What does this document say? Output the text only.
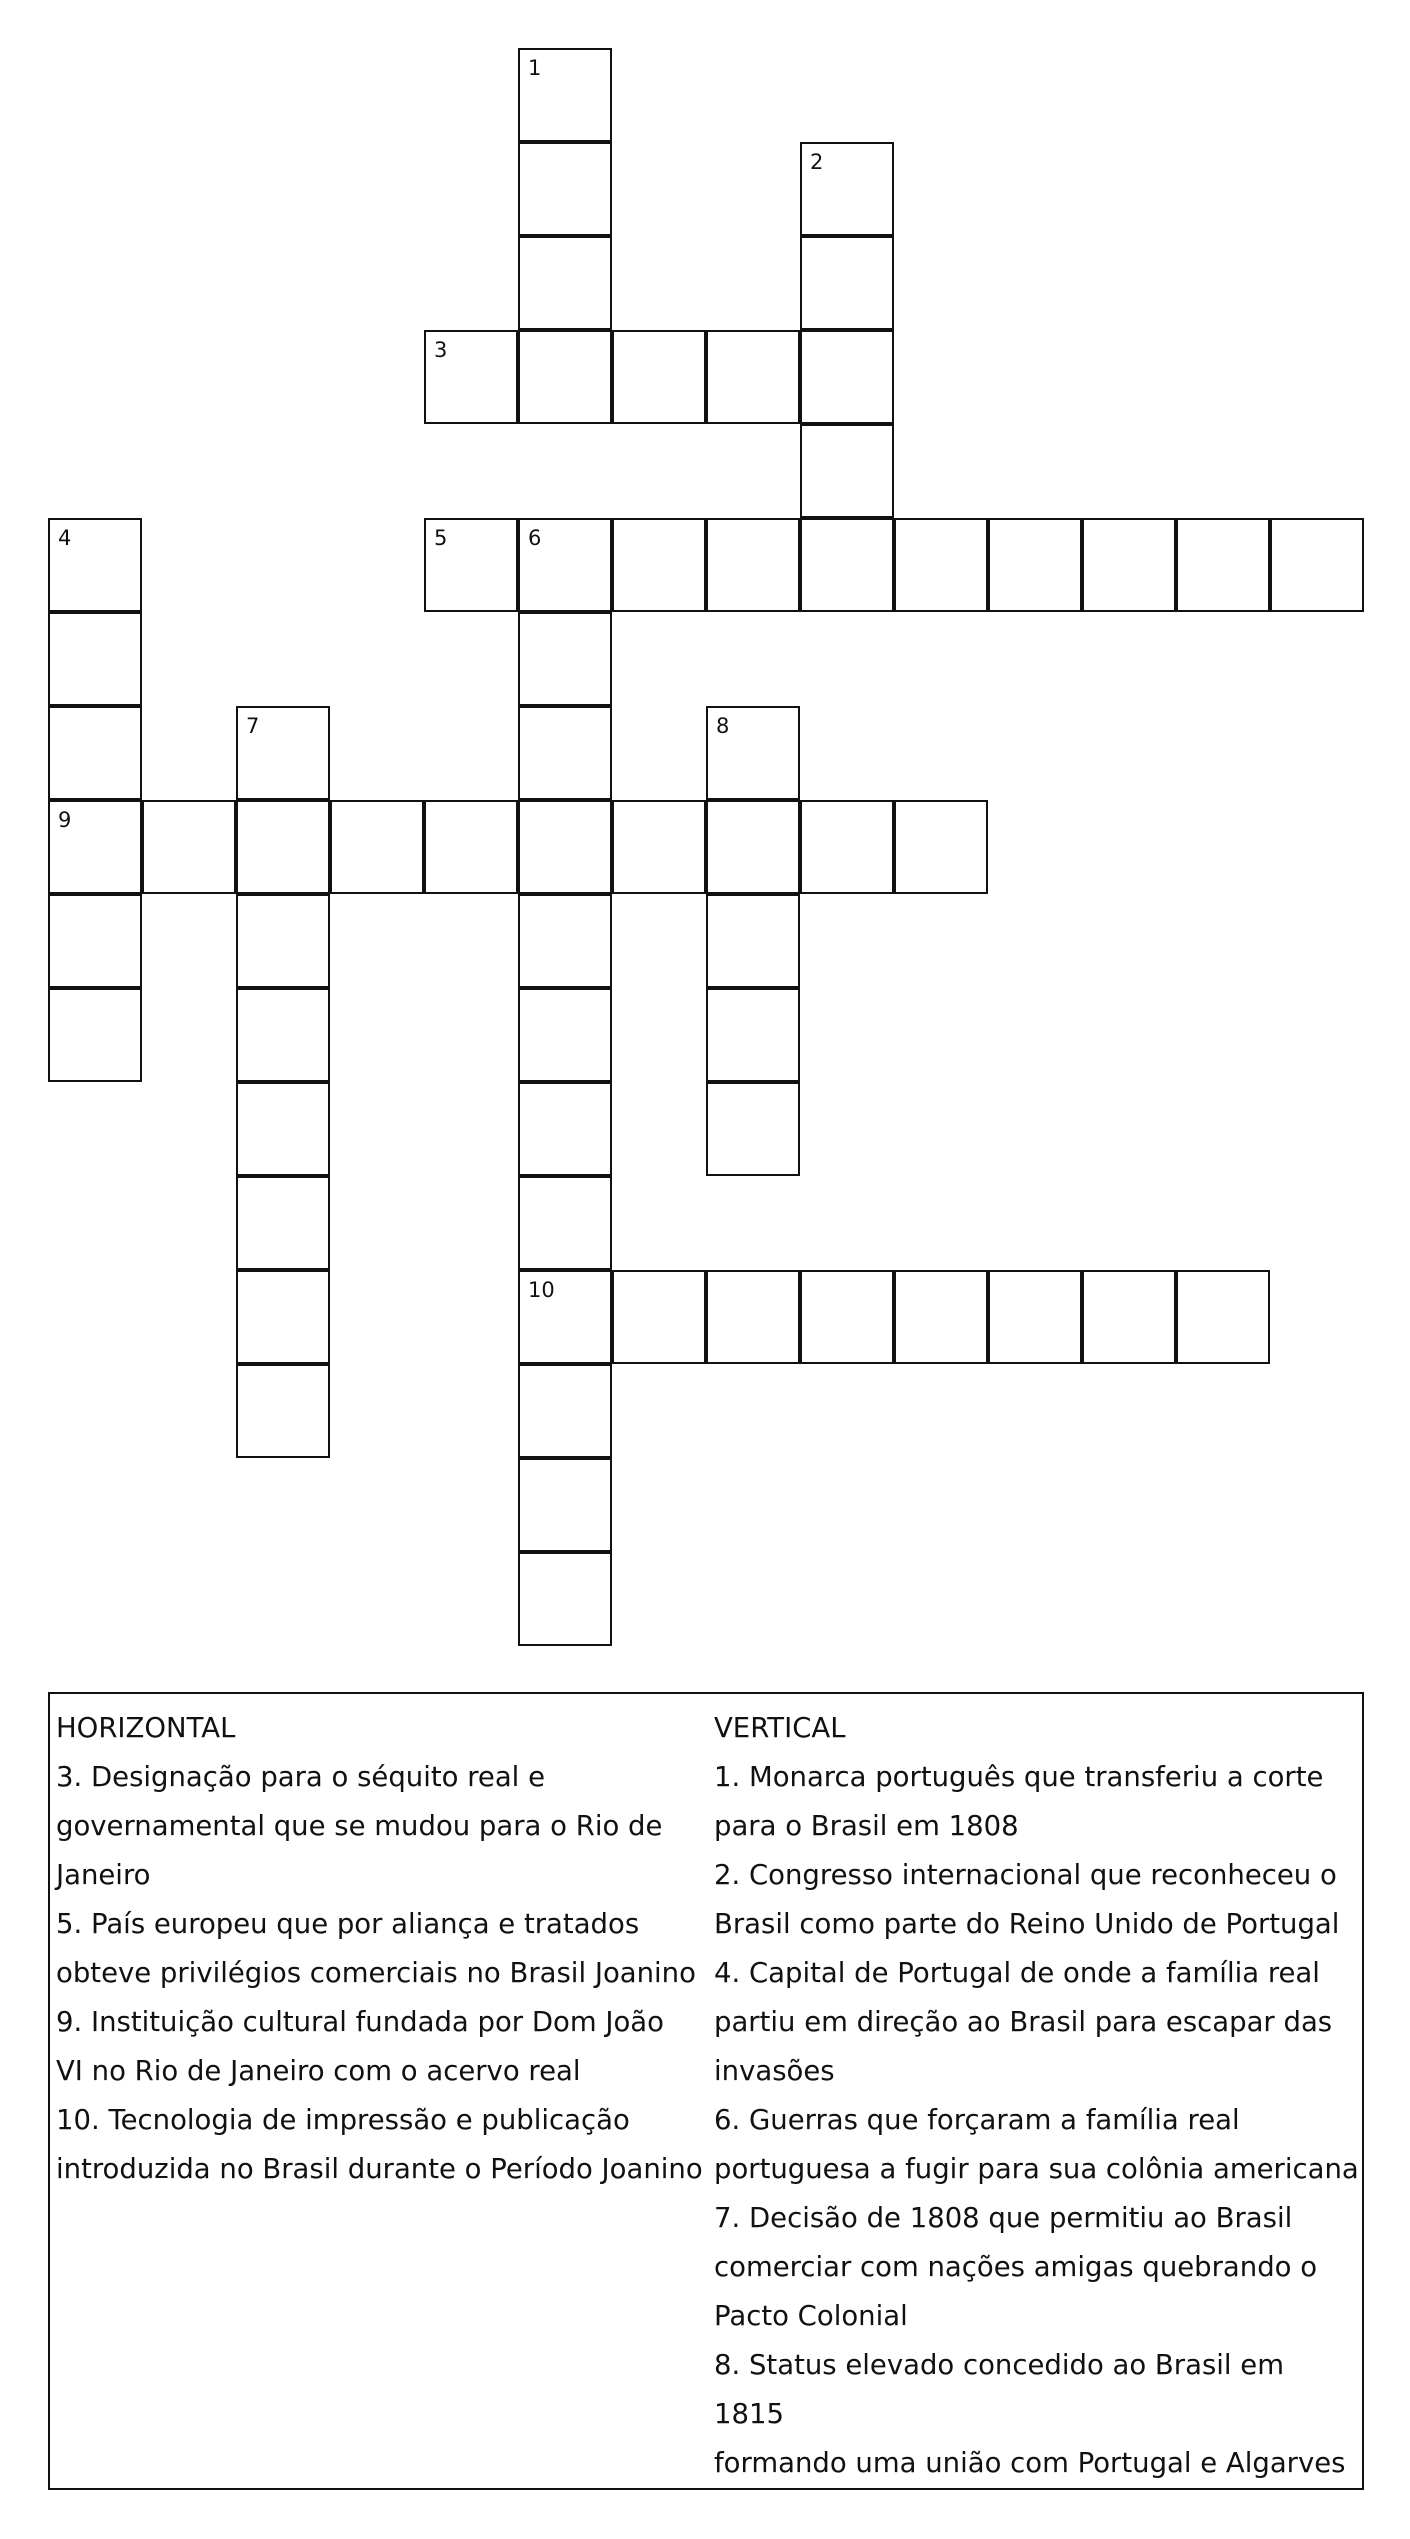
1
2
3
4	5	6
7	8
9
10
HORIZONTAL
3. Designação para o séquito real e
governamental que se mudou para o Rio de
Janeiro
5. País europeu que por aliança e tratados
obteve privilégios comerciais no Brasil Joanino
9. Instituição cultural fundada por Dom João
VI no Rio de Janeiro com o acervo real
10. Tecnologia de impressão e publicação
introduzida no Brasil durante o Período Joanino
VERTICAL
1. Monarca português que transferiu a corte
para o Brasil em 1808
2. Congresso internacional que reconheceu o
Brasil como parte do Reino Unido de Portugal
4. Capital de Portugal de onde a família real
partiu em direção ao Brasil para escapar das
invasões
6. Guerras que forçaram a família real
portuguesa a fugir para sua colônia americana
7. Decisão de 1808 que permitiu ao Brasil
comerciar com nações amigas quebrando o
Pacto Colonial
8. Status elevado concedido ao Brasil em 1815
formando uma união com Portugal e Algarves
